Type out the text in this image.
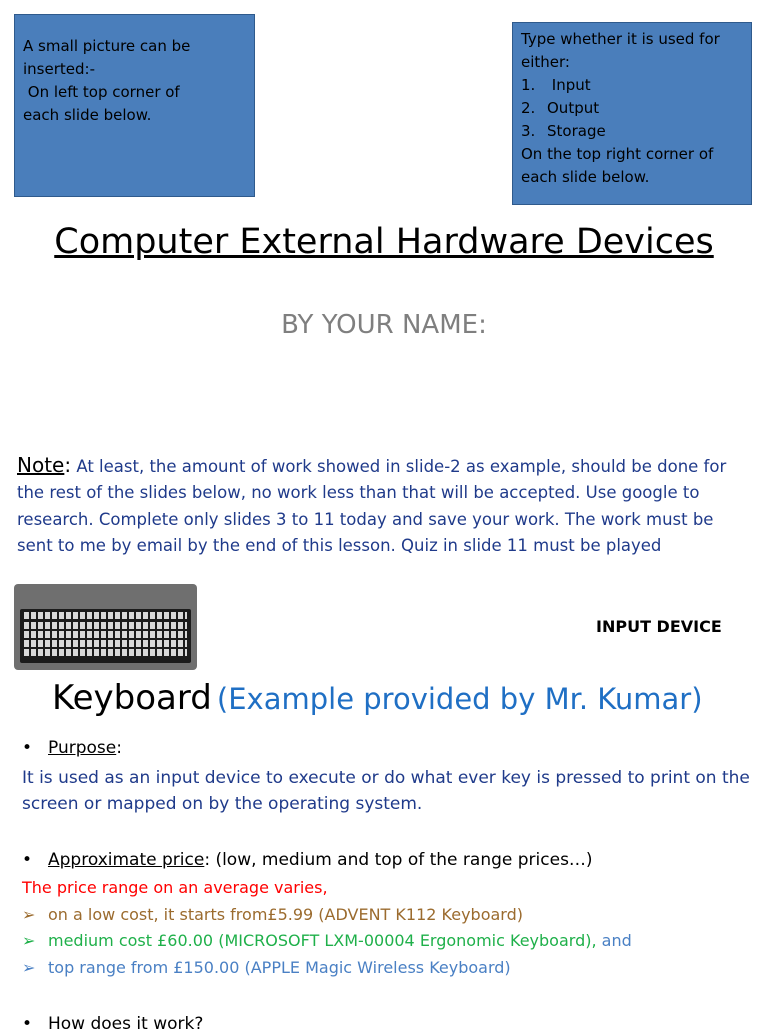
A small picture can be
inserted:-
On left top corner of
each slide below.
Type whether it is used for
either:
1. Input
2. Output
3. Storage
On the top right corner of
each slide below.
Computer External Hardware Devices
BY YOUR NAME:
Note: At least, the amount of work showed in slide-2 as example, should be done for the rest of the slides below, no work less than that will be accepted. Use google to research. Complete only slides 3 to 11 today and save your work. The work must be sent to me by email by the end of this lesson. Quiz in slide 11 must be played
INPUT DEVICE
Keyboard (Example provided by Mr. Kumar)
• Purpose:
It is used as an input device to execute or do what ever key is pressed to print on the screen or mapped on by the operating system.
• Approximate price: (low, medium and top of the range prices…)
The price range on an average varies,
➢ on a low cost, it starts from£5.99 (ADVENT K112 Keyboard)
➢ medium cost £60.00 (MICROSOFT LXM-00004 Ergonomic Keyboard), and
➢ top range from £150.00 (APPLE Magic Wireless Keyboard)
• How does it work?
